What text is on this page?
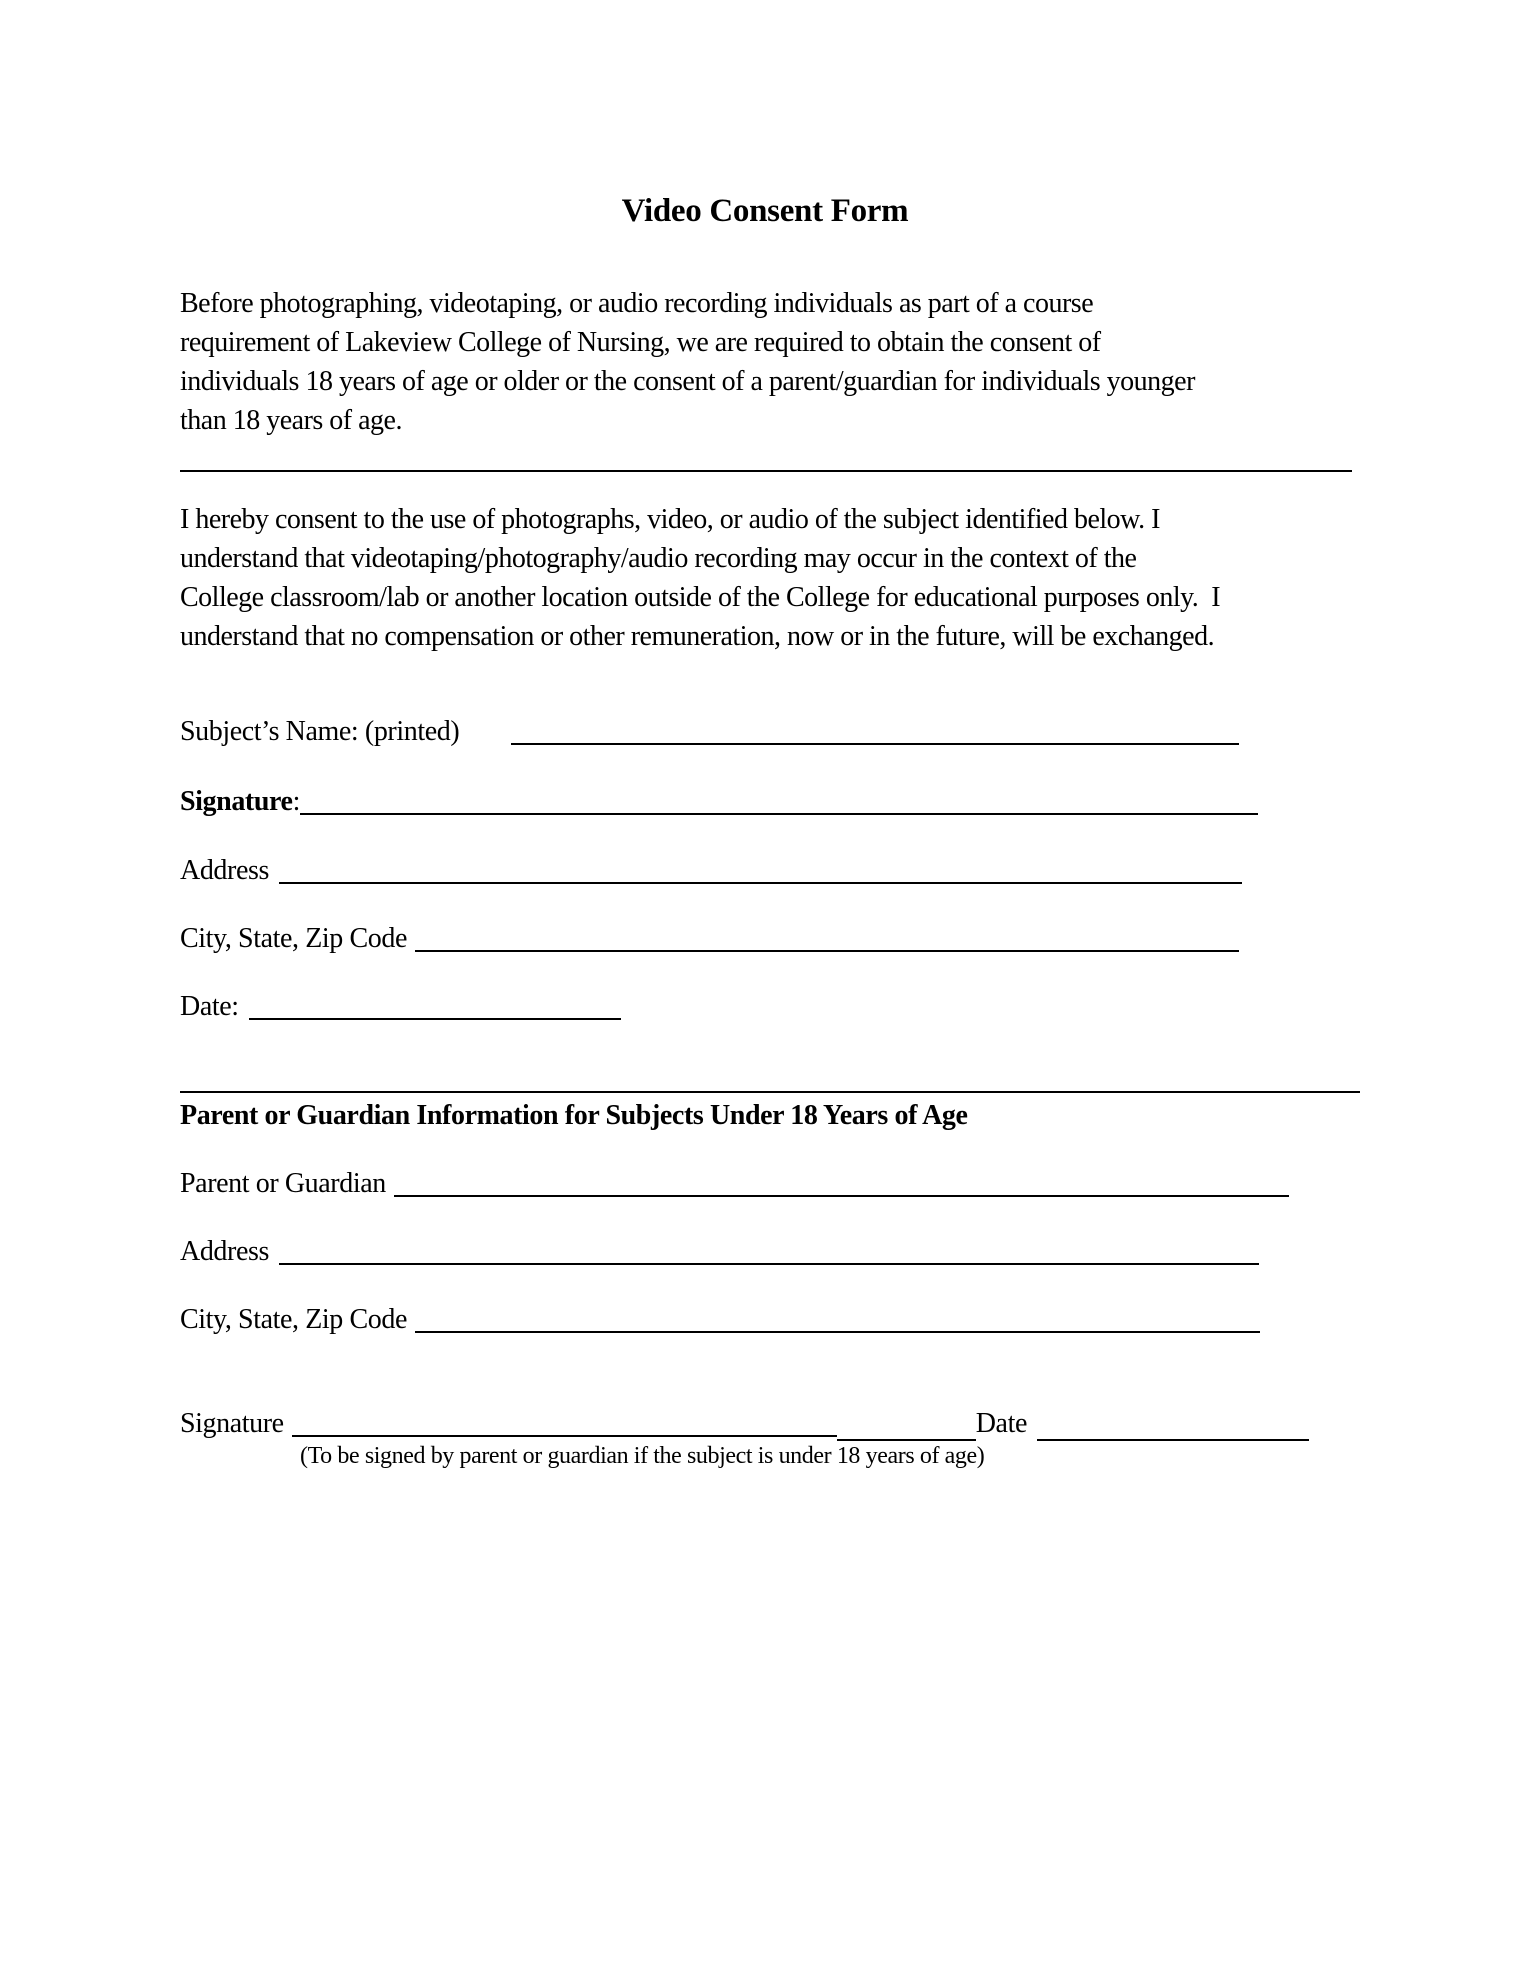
Video Consent Form
Before photographing, videotaping, or audio recording individuals as part of a course
requirement of Lakeview College of Nursing, we are required to obtain the consent of
individuals 18 years of age or older or the consent of a parent/guardian for individuals younger
than 18 years of age.
I hereby consent to the use of photographs, video, or audio of the subject identified below. I
understand that videotaping/photography/audio recording may occur in the context of the
College classroom/lab or another location outside of the College for educational purposes only.  I
understand that no compensation or other remuneration, now or in the future, will be exchanged.
Subject’s Name: (printed)
Signature:
Address
City, State, Zip Code
Date:
Parent or Guardian Information for Subjects Under 18 Years of Age
Parent or Guardian
Address
City, State, Zip Code
Signature	Date
(To be signed by parent or guardian if the subject is under 18 years of age)
